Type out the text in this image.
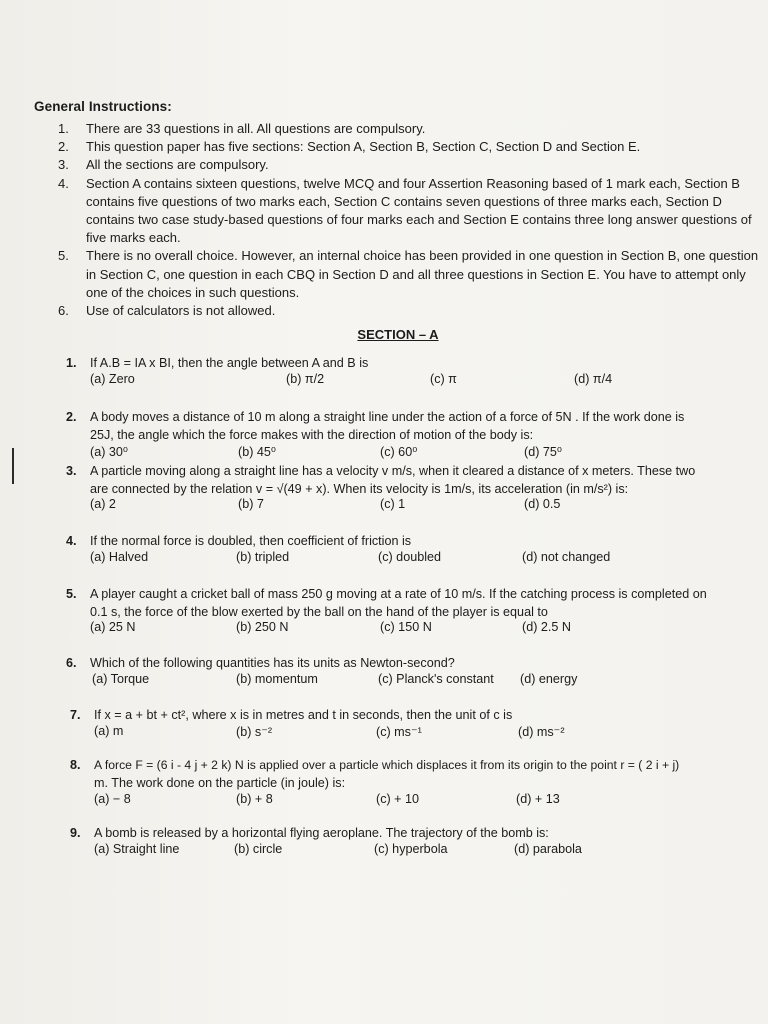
General Instructions:
1.	There are 33 questions in all. All questions are compulsory.
2.	This question paper has five sections: Section A, Section B, Section C, Section D and Section E.
3.	All the sections are compulsory.
4.	Section A contains sixteen questions, twelve MCQ and four Assertion Reasoning based of 1 mark each, Section B contains five questions of two marks each, Section C contains seven questions of three marks each, Section D contains two case study-based questions of four marks each and Section E contains three long answer questions of five marks each.
5.	There is no overall choice. However, an internal choice has been provided in one question in Section B, one question in Section C, one question in each CBQ in Section D and all three questions in Section E. You have to attempt only one of the choices in such questions.
6.	Use of calculators is not allowed.
SECTION – A
1.	If A.B = IA x BI, then the angle between A and B is
(a) Zero	(b) π/2	(c) π	(d) π/4
2.	A body moves a distance of 10 m along a straight line under the action of a force of 5N . If the work done is
25J, the angle which the force makes with the direction of motion of the body is:
(a) 30⁰	(b) 45⁰	(c) 60⁰	(d) 75⁰
3.	A particle moving along a straight line has a velocity v m/s, when it cleared a distance of x meters. These two
are connected by the relation v = √(49 + x). When its velocity is 1m/s, its acceleration (in m/s²) is:
(a) 2	(b) 7	(c) 1	(d) 0.5
4.	If the normal force is doubled, then coefficient of friction is
(a) Halved	(b) tripled	(c) doubled	(d) not changed
5.	A player caught a cricket ball of mass 250 g moving at a rate of 10 m/s. If the catching process is completed on
0.1 s, the force of the blow exerted by the ball on the hand of the player is equal to
(a) 25 N	(b) 250 N	(c) 150 N	(d) 2.5 N
6.	Which of the following quantities has its units as Newton-second?
(a) Torque	(b) momentum	(c) Planck's constant (d) energy
7.	If x = a + bt + ct², where x is in metres and t in seconds, then the unit of c is
(a) m	(b) s⁻²	(c) ms⁻¹	(d) ms⁻²
8.	A force F = (6 i - 4 j + 2 k) N is applied over a particle which displaces it from its origin to the point r = ( 2 i + j)
m. The work done on the particle (in joule) is:
(a) − 8	(b) + 8	(c) + 10	(d) + 13
9.	A bomb is released by a horizontal flying aeroplane. The trajectory of the bomb is:
(a) Straight line	(b) circle	(c) hyperbola	(d) parabola
